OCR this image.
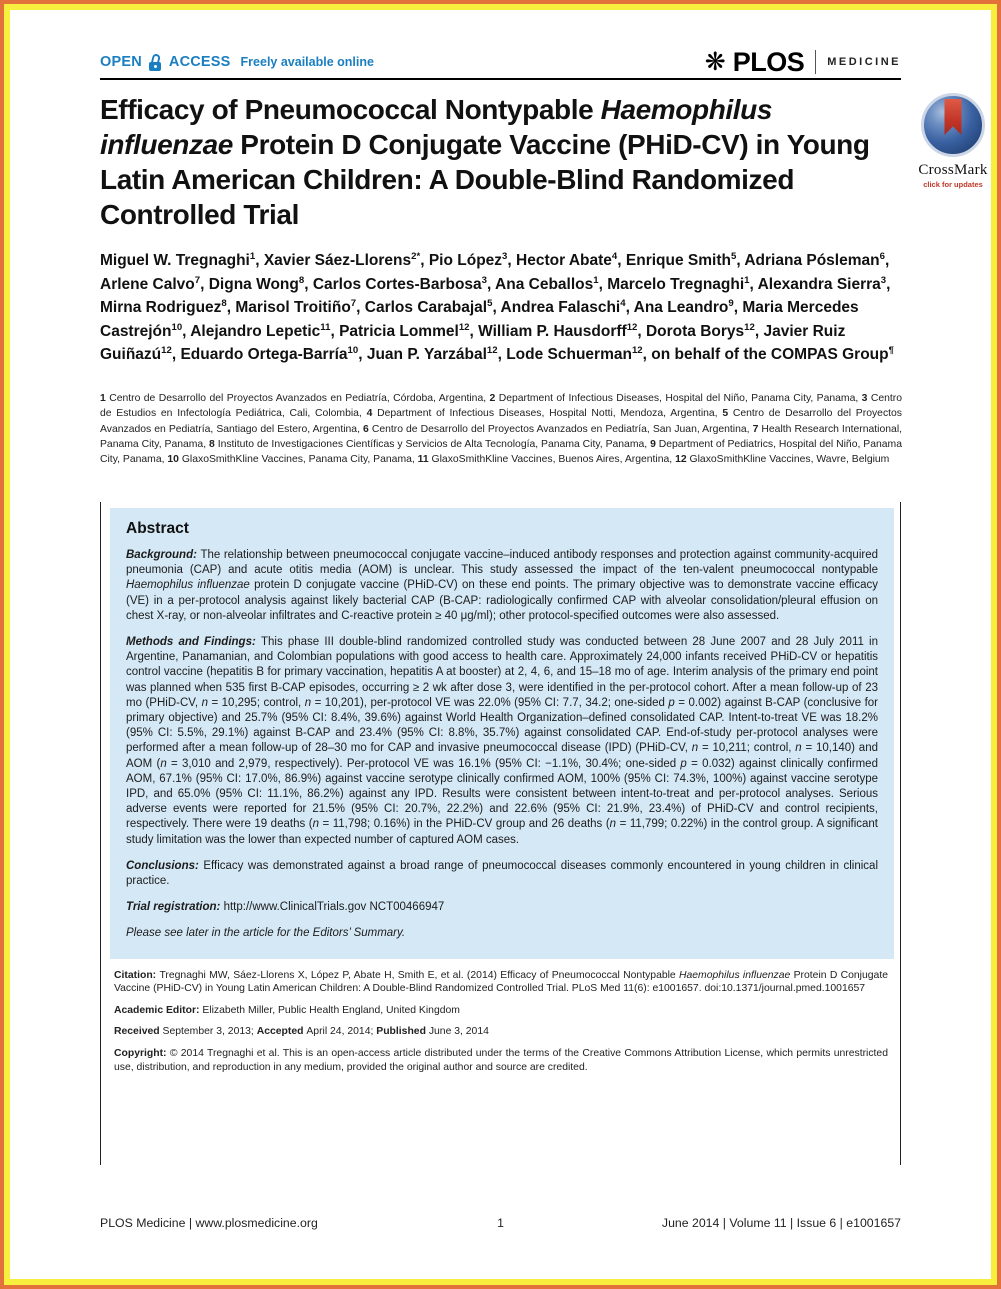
OPEN ACCESS Freely available online	❋ PLOS MEDICINE
CrossMark
click for updates
Efficacy of Pneumococcal Nontypable Haemophilus influenzae Protein D Conjugate Vaccine (PHiD-CV) in Young Latin American Children: A Double-Blind Randomized Controlled Trial
Miguel W. Tregnaghi$^1$, Xavier Sáez-Llorens$^{2*}$, Pio López$^3$, Hector Abate$^4$, Enrique Smith$^5$, Adriana Pósleman$^6$, Arlene Calvo$^7$, Digna Wong$^8$, Carlos Cortes-Barbosa$^3$, Ana Ceballos$^1$, Marcelo Tregnaghi$^1$, Alexandra Sierra$^3$, Mirna Rodriguez$^8$, Marisol Troitiño$^7$, Carlos Carabajal$^5$, Andrea Falaschi$^4$, Ana Leandro$^9$, Maria Mercedes Castrejón$^{10}$, Alejandro Lepetic$^{11}$, Patricia Lommel$^{12}$, William P. Hausdorff$^{12}$, Dorota Borys$^{12}$, Javier Ruiz Guiñazú$^{12}$, Eduardo Ortega-Barría$^{10}$, Juan P. Yarzábal$^{12}$, Lode Schuerman$^{12}$, on behalf of the COMPAS Group¶
1 Centro de Desarrollo del Proyectos Avanzados en Pediatría, Córdoba, Argentina, 2 Department of Infectious Diseases, Hospital del Niño, Panama City, Panama, 3 Centro de Estudios en Infectología Pediátrica, Cali, Colombia, 4 Department of Infectious Diseases, Hospital Notti, Mendoza, Argentina, 5 Centro de Desarrollo del Proyectos Avanzados en Pediatría, Santiago del Estero, Argentina, 6 Centro de Desarrollo del Proyectos Avanzados en Pediatría, San Juan, Argentina, 7 Health Research International, Panama City, Panama, 8 Instituto de Investigaciones Científicas y Servicios de Alta Tecnología, Panama City, Panama, 9 Department of Pediatrics, Hospital del Niño, Panama City, Panama, 10 GlaxoSmithKline Vaccines, Panama City, Panama, 11 GlaxoSmithKline Vaccines, Buenos Aires, Argentina, 12 GlaxoSmithKline Vaccines, Wavre, Belgium
Abstract

Background: The relationship between pneumococcal conjugate vaccine–induced antibody responses and protection against community-acquired pneumonia (CAP) and acute otitis media (AOM) is unclear. This study assessed the impact of the ten-valent pneumococcal nontypable Haemophilus influenzae protein D conjugate vaccine (PHiD-CV) on these end points. The primary objective was to demonstrate vaccine efficacy (VE) in a per-protocol analysis against likely bacterial CAP (B-CAP: radiologically confirmed CAP with alveolar consolidation/pleural effusion on chest X-ray, or non-alveolar infiltrates and C-reactive protein ≥ 40 μg/ml); other protocol-specified outcomes were also assessed.

Methods and Findings: This phase III double-blind randomized controlled study was conducted between 28 June 2007 and 28 July 2011 in Argentine, Panamanian, and Colombian populations with good access to health care. Approximately 24,000 infants received PHiD-CV or hepatitis control vaccine (hepatitis B for primary vaccination, hepatitis A at booster) at 2, 4, 6, and 15–18 mo of age. Interim analysis of the primary end point was planned when 535 first B-CAP episodes, occurring ≥ 2 wk after dose 3, were identified in the per-protocol cohort. After a mean follow-up of 23 mo (PHiD-CV, n = 10,295; control, n = 10,201), per-protocol VE was 22.0% (95% CI: 7.7, 34.2; one-sided p = 0.002) against B-CAP (conclusive for primary objective) and 25.7% (95% CI: 8.4%, 39.6%) against World Health Organization–defined consolidated CAP. Intent-to-treat VE was 18.2% (95% CI: 5.5%, 29.1%) against B-CAP and 23.4% (95% CI: 8.8%, 35.7%) against consolidated CAP. End-of-study per-protocol analyses were performed after a mean follow-up of 28–30 mo for CAP and invasive pneumococcal disease (IPD) (PHiD-CV, n = 10,211; control, n = 10,140) and AOM (n = 3,010 and 2,979, respectively). Per-protocol VE was 16.1% (95% CI: −1.1%, 30.4%; one-sided p = 0.032) against clinically confirmed AOM, 67.1% (95% CI: 17.0%, 86.9%) against vaccine serotype clinically confirmed AOM, 100% (95% CI: 74.3%, 100%) against vaccine serotype IPD, and 65.0% (95% CI: 11.1%, 86.2%) against any IPD. Results were consistent between intent-to-treat and per-protocol analyses. Serious adverse events were reported for 21.5% (95% CI: 20.7%, 22.2%) and 22.6% (95% CI: 21.9%, 23.4%) of PHiD-CV and control recipients, respectively. There were 19 deaths (n = 11,798; 0.16%) in the PHiD-CV group and 26 deaths (n = 11,799; 0.22%) in the control group. A significant study limitation was the lower than expected number of captured AOM cases.

Conclusions: Efficacy was demonstrated against a broad range of pneumococcal diseases commonly encountered in young children in clinical practice.

Trial registration: http://www.ClinicalTrials.gov NCT00466947

Please see later in the article for the Editors’ Summary.

Citation: Tregnaghi MW, Sáez-Llorens X, López P, Abate H, Smith E, et al. (2014) Efficacy of Pneumococcal Nontypable Haemophilus influenzae Protein D Conjugate Vaccine (PHiD-CV) in Young Latin American Children: A Double-Blind Randomized Controlled Trial. PLoS Med 11(6): e1001657. doi:10.1371/journal.pmed.1001657

Academic Editor: Elizabeth Miller, Public Health England, United Kingdom

Received September 3, 2013; Accepted April 24, 2014; Published June 3, 2014

Copyright: © 2014 Tregnaghi et al. This is an open-access article distributed under the terms of the Creative Commons Attribution License, which permits unrestricted use, distribution, and reproduction in any medium, provided the original author and source are credited.

1
PLOS Medicine | www.plosmedicine.org	June 2014 | Volume 11 | Issue 6 | e1001657
